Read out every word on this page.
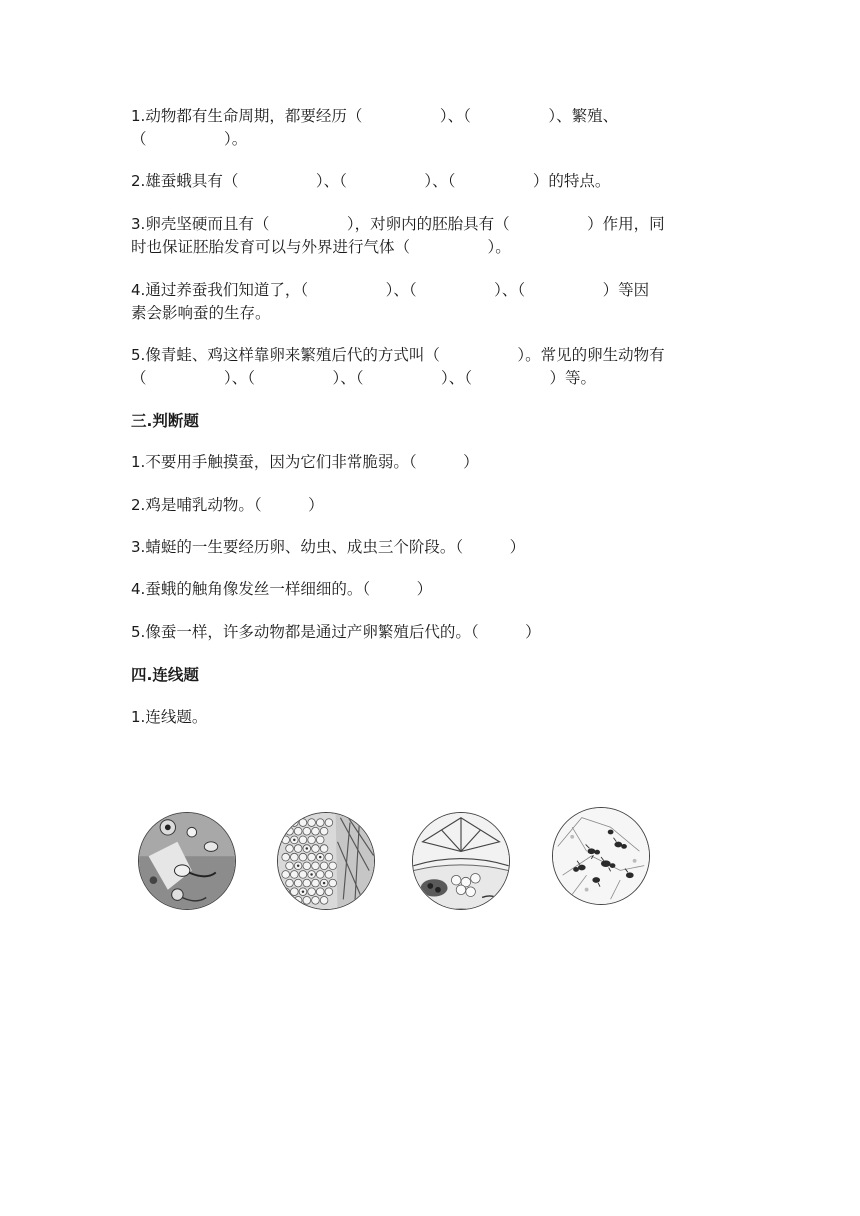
1.动物都有生命周期，都要经历（　　　　　）、（　　　　　）、繁殖、
（　　　　　）。
2.雄蚕蛾具有（　　　　　）、（　　　　　）、（　　　　　）的特点。
3.卵壳坚硬而且有（　　　　　），对卵内的胚胎具有（　　　　　）作用，同
时也保证胚胎发育可以与外界进行气体（　　　　　）。
4.通过养蚕我们知道了，（　　　　　）、（　　　　　）、（　　　　　）等因
素会影响蚕的生存。
5.像青蛙、鸡这样靠卵来繁殖后代的方式叫（　　　　　）。常见的卵生动物有
（　　　　　）、（　　　　　）、（　　　　　）、（　　　　　）等。
三.判断题
1.不要用手触摸蚕，因为它们非常脆弱。（　　　）
2.鸡是哺乳动物。（　　　）
3.蜻蜓的一生要经历卵、幼虫、成虫三个阶段。（　　　）
4.蚕蛾的触角像发丝一样细细的。（　　　）
5.像蚕一样，许多动物都是通过产卵繁殖后代的。（　　　）
四.连线题
1.连线题。
